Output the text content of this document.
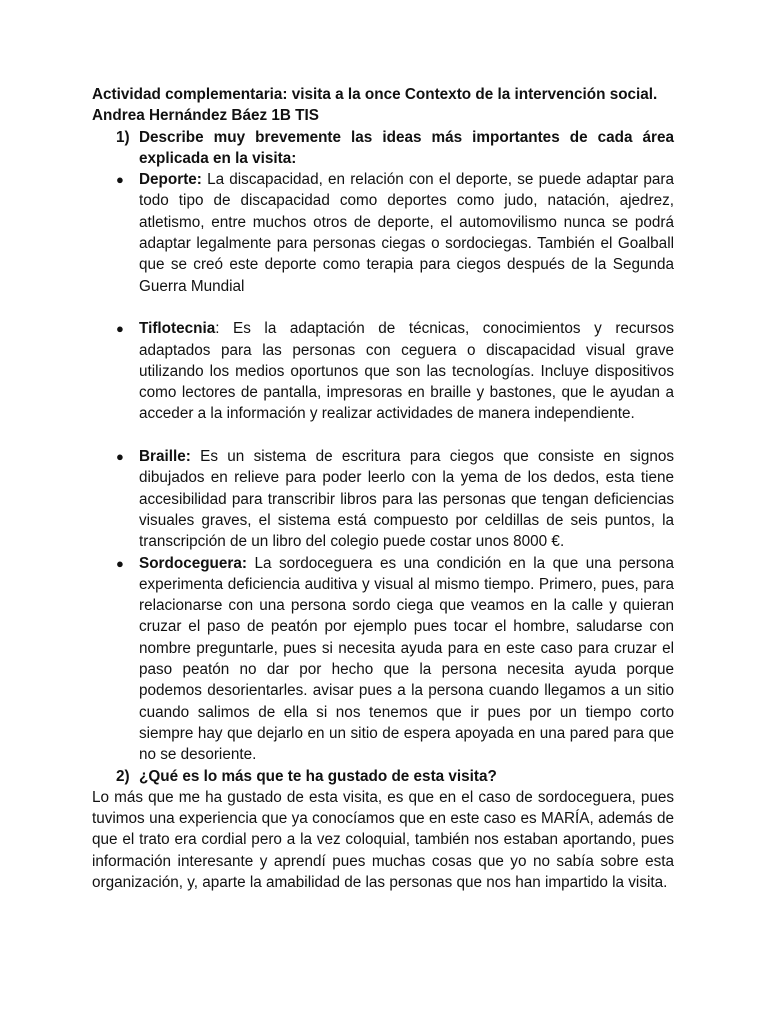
Actividad complementaria: visita a la once Contexto de la intervención social.
Andrea Hernández Báez 1B TIS

1) Describe muy brevemente las ideas más importantes de cada área explicada en la visita:
● Deporte: La discapacidad, en relación con el deporte, se puede adaptar para todo tipo de discapacidad como deportes como judo, natación, ajedrez, atletismo, entre muchos otros de deporte, el automovilismo nunca se podrá adaptar legalmente para personas ciegas o sordociegas. También el Goalball que se creó este deporte como terapia para ciegos después de la Segunda Guerra Mundial
● Tiflotecnia: Es la adaptación de técnicas, conocimientos y recursos adaptados para las personas con ceguera o discapacidad visual grave utilizando los medios oportunos que son las tecnologías. Incluye dispositivos como lectores de pantalla, impresoras en braille y bastones, que le ayudan a acceder a la información y realizar actividades de manera independiente.
● Braille: Es un sistema de escritura para ciegos que consiste en signos dibujados en relieve para poder leerlo con la yema de los dedos, esta tiene accesibilidad para transcribir libros para las personas que tengan deficiencias visuales graves, el sistema está compuesto por celdillas de seis puntos, la transcripción de un libro del colegio puede costar unos 8000 €.
● Sordoceguera: La sordoceguera es una condición en la que una persona experimenta deficiencia auditiva y visual al mismo tiempo. Primero, pues, para relacionarse con una persona sordo ciega que veamos en la calle y quieran cruzar el paso de peatón por ejemplo pues tocar el hombre, saludarse con nombre preguntarle, pues si necesita ayuda para en este caso para cruzar el paso peatón no dar por hecho que la persona necesita ayuda porque podemos desorientarles. avisar pues a la persona cuando llegamos a un sitio cuando salimos de ella si nos tenemos que ir pues por un tiempo corto siempre hay que dejarlo en un sitio de espera apoyada en una pared para que no se desoriente.
2) ¿Qué es lo más que te ha gustado de esta visita?

Lo más que me ha gustado de esta visita, es que en el caso de sordoceguera, pues tuvimos una experiencia que ya conocíamos que en este caso es MARÍA, además de que el trato era cordial pero a la vez coloquial, también nos estaban aportando, pues información interesante y aprendí pues muchas cosas que yo no sabía sobre esta organización, y, aparte la amabilidad de las personas que nos han impartido la visita.
